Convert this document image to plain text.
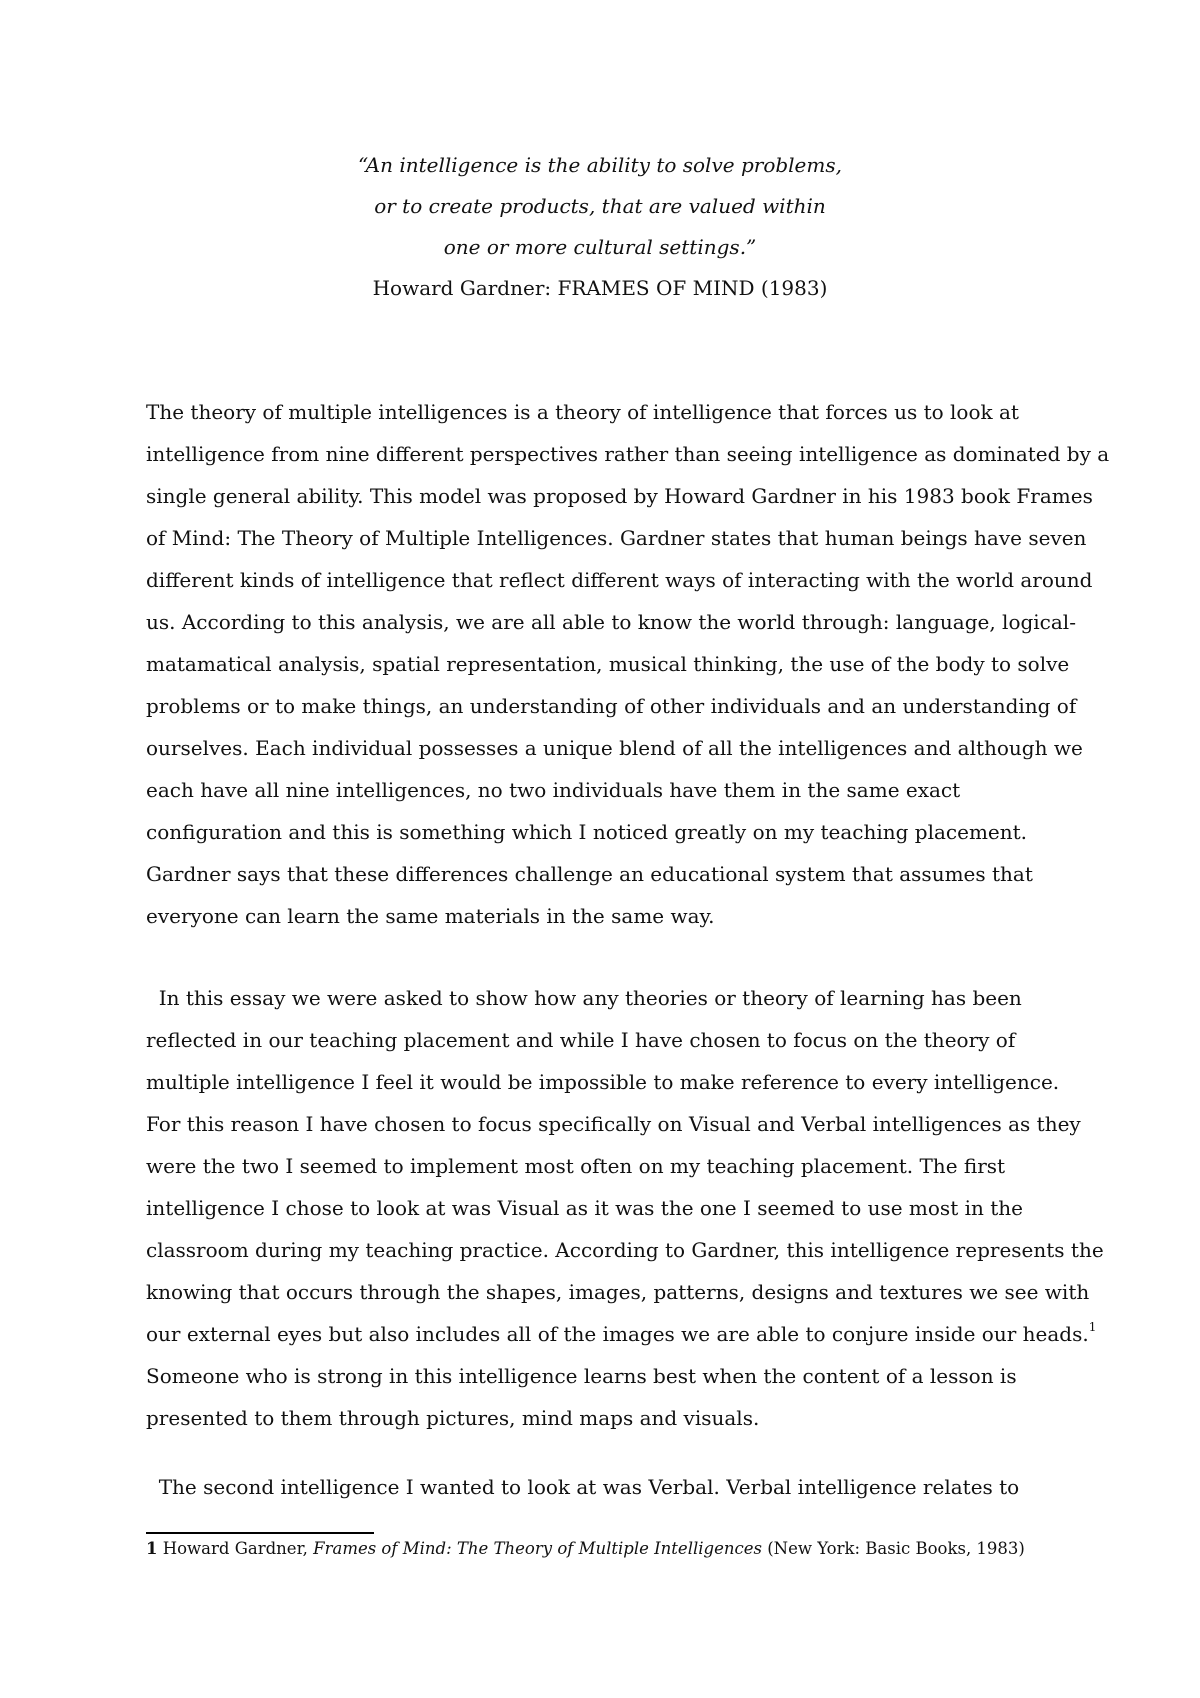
“An intelligence is the ability to solve problems,
or to create products, that are valued within
one or more cultural settings.”
Howard Gardner: FRAMES OF MIND (1983)
The theory of multiple intelligences is a theory of intelligence that forces us to look at
intelligence from nine different perspectives rather than seeing intelligence as dominated by a
single general ability. This model was proposed by Howard Gardner in his 1983 book Frames
of Mind: The Theory of Multiple Intelligences. Gardner states that human beings have seven
different kinds of intelligence that reflect different ways of interacting with the world around
us. According to this analysis, we are all able to know the world through: language, logical-
matamatical analysis, spatial representation, musical thinking, the use of the body to solve
problems or to make things, an understanding of other individuals and an understanding of
ourselves. Each individual possesses a unique blend of all the intelligences and although we
each have all nine intelligences, no two individuals have them in the same exact
configuration and this is something which I noticed greatly on my teaching placement.
Gardner says that these differences challenge an educational system that assumes that
everyone can learn the same materials in the same way.
In this essay we were asked to show how any theories or theory of learning has been
reflected in our teaching placement and while I have chosen to focus on the theory of
multiple intelligence I feel it would be impossible to make reference to every intelligence.
For this reason I have chosen to focus specifically on Visual and Verbal intelligences as they
were the two I seemed to implement most often on my teaching placement. The first
intelligence I chose to look at was Visual as it was the one I seemed to use most in the
classroom during my teaching practice. According to Gardner, this intelligence represents the
knowing that occurs through the shapes, images, patterns, designs and textures we see with
our external eyes but also includes all of the images we are able to conjure inside our heads.$^1$
Someone who is strong in this intelligence learns best when the content of a lesson is
presented to them through pictures, mind maps and visuals.
The second intelligence I wanted to look at was Verbal. Verbal intelligence relates to
1 Howard Gardner, Frames of Mind: The Theory of Multiple Intelligences (New York: Basic Books, 1983)
